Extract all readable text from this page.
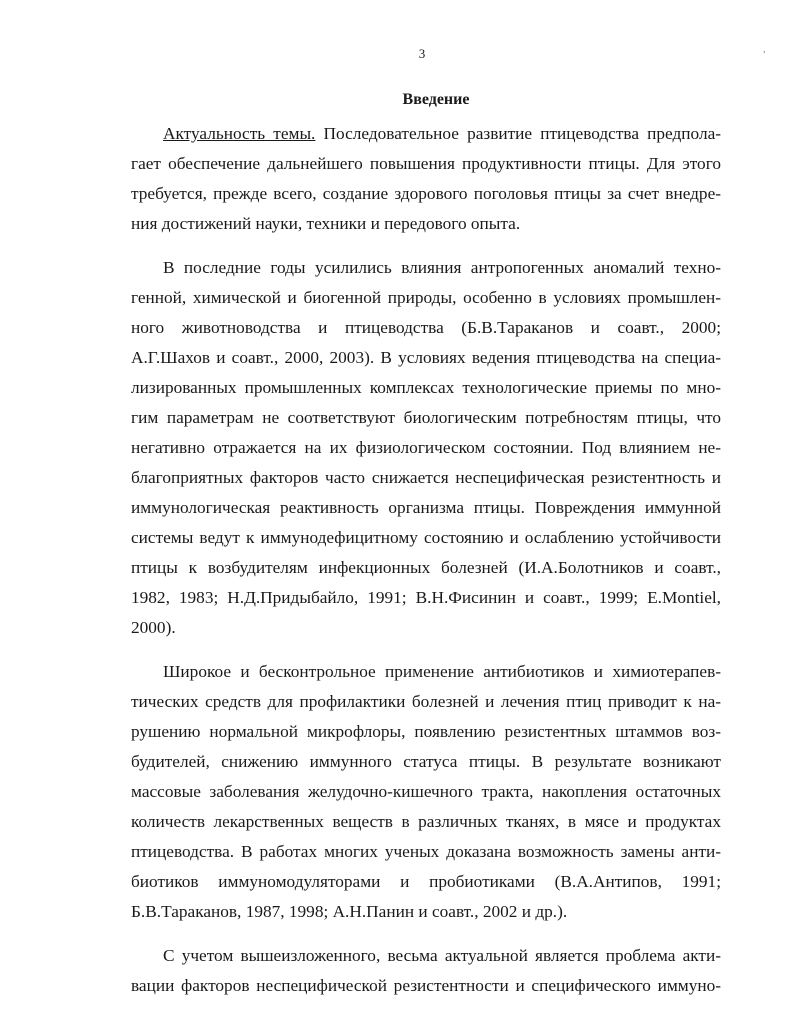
3
Введение
Актуальность темы. Последовательное развитие птицеводства предпола-
гает обеспечение дальнейшего повышения продуктивности птицы. Для этого
требуется, прежде всего, создание здорового поголовья птицы за счет внедре-
ния достижений науки, техники и передового опыта.
В последние годы усилились влияния антропогенных аномалий техно-
генной, химической и биогенной природы, особенно в условиях промышлен-
ного животноводства и птицеводства (Б.В.Тараканов и соавт., 2000;
А.Г.Шахов и соавт., 2000, 2003). В условиях ведения птицеводства на специа-
лизированных промышленных комплексах технологические приемы по мно-
гим параметрам не соответствуют биологическим потребностям птицы, что
негативно отражается на их физиологическом состоянии. Под влиянием не-
благоприятных факторов часто снижается неспецифическая резистентность и
иммунологическая реактивность организма птицы. Повреждения иммунной
системы ведут к иммунодефицитному состоянию и ослаблению устойчивости
птицы к возбудителям инфекционных болезней (И.А.Болотников и соавт.,
1982, 1983; Н.Д.Придыбайло, 1991; В.Н.Фисинин и соавт., 1999; E.Montiel,
2000).
Широкое и бесконтрольное применение антибиотиков и химиотерапев-
тических средств для профилактики болезней и лечения птиц приводит к на-
рушению нормальной микрофлоры, появлению резистентных штаммов воз-
будителей, снижению иммунного статуса птицы. В результате возникают
массовые заболевания желудочно-кишечного тракта, накопления остаточных
количеств лекарственных веществ в различных тканях, в мясе и продуктах
птицеводства. В работах многих ученых доказана возможность замены анти-
биотиков иммуномодуляторами и пробиотиками (В.А.Антипов, 1991;
Б.В.Тараканов, 1987, 1998; А.Н.Панин и соавт., 2002 и др.).
С учетом вышеизложенного, весьма актуальной является проблема акти-
вации факторов неспецифической резистентности и специфического иммуно-
,
